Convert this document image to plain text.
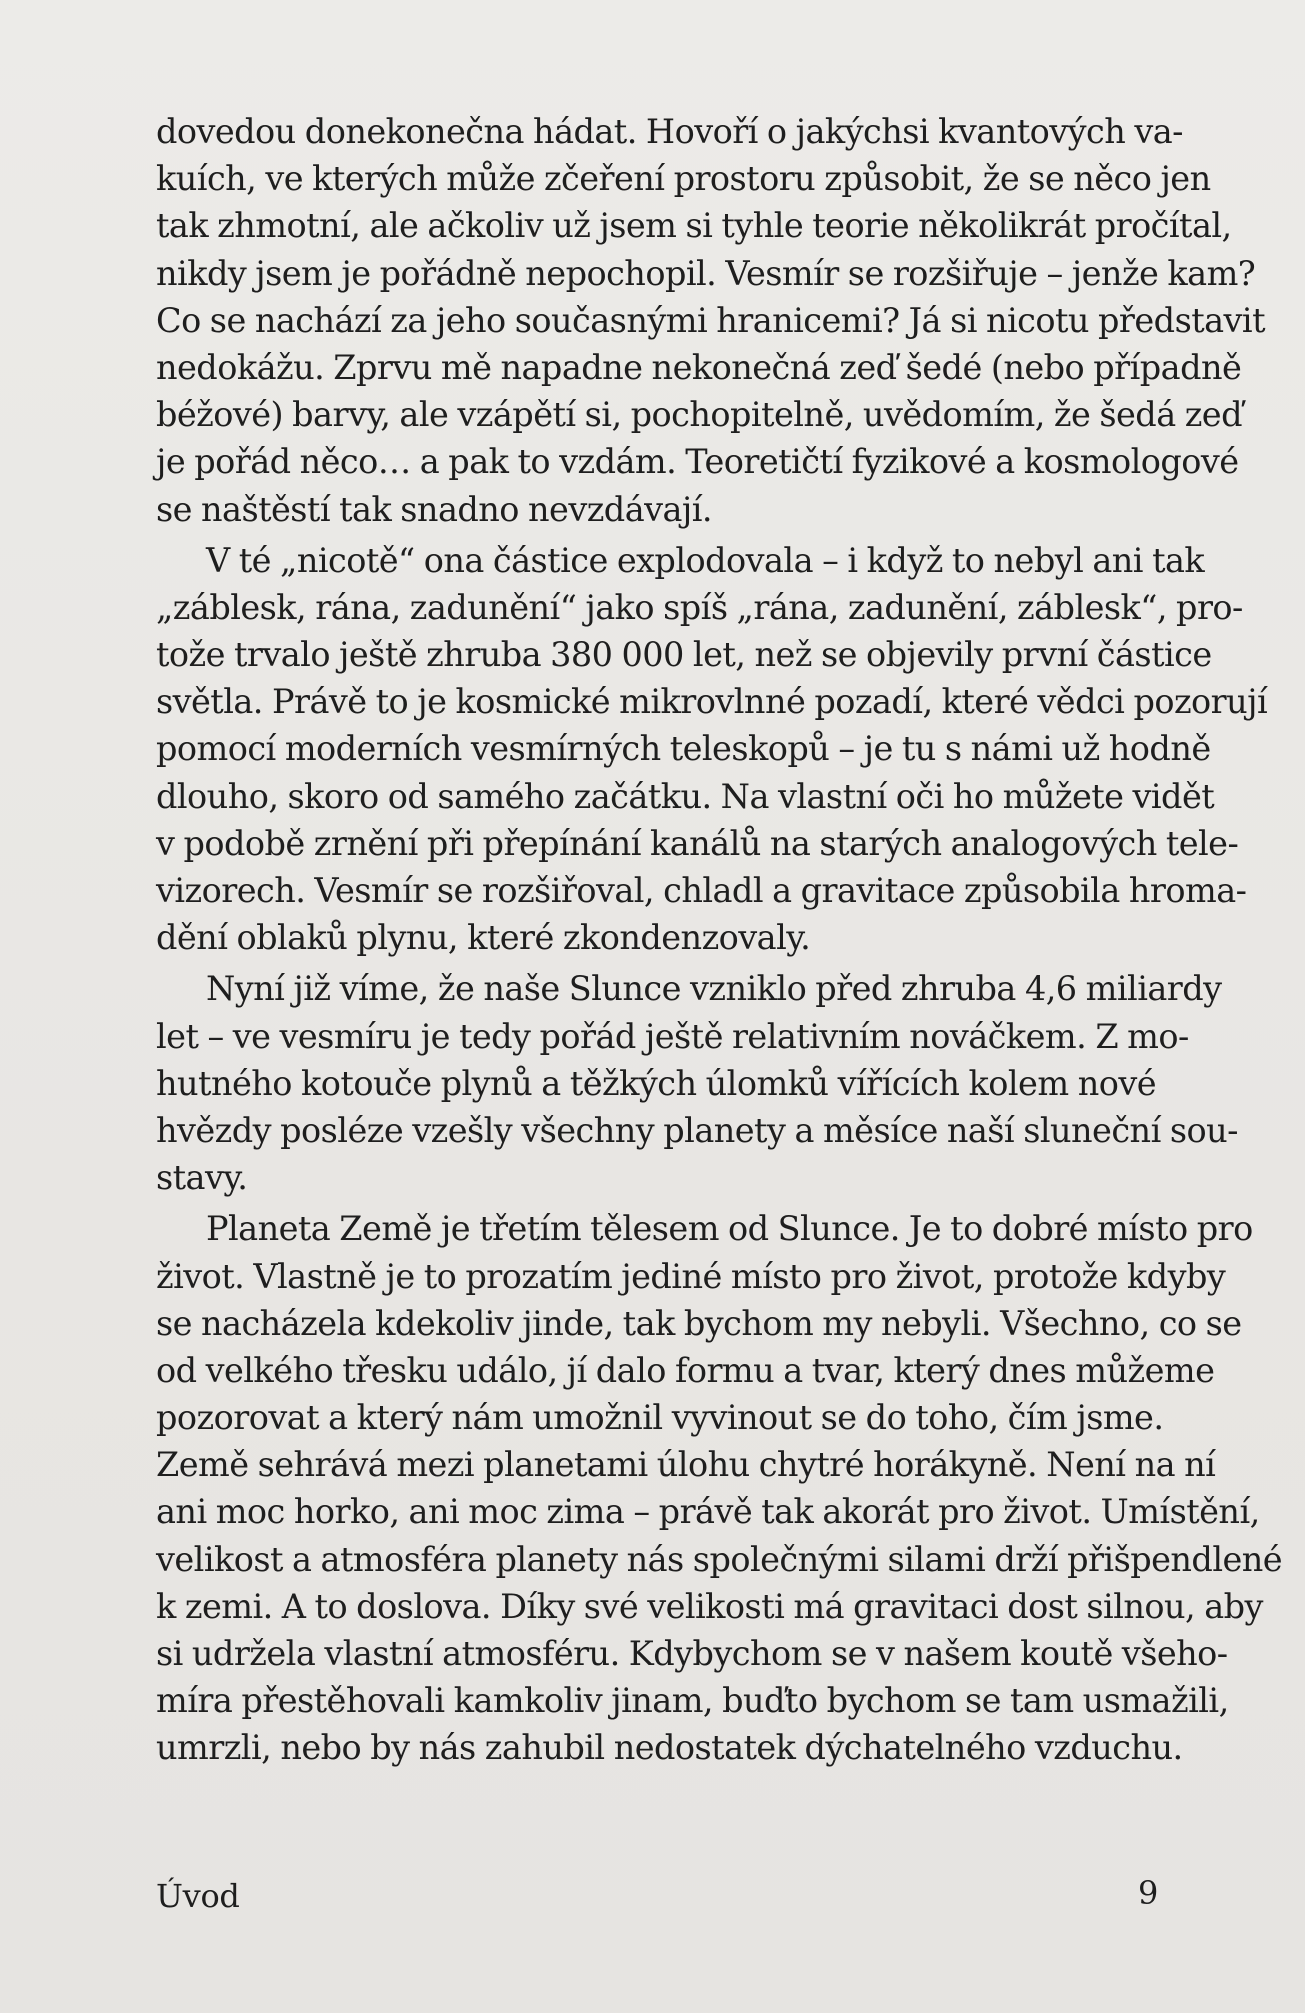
dovedou donekonečna hádat. Hovoří o jakýchsi kvantových va-
kuích, ve kterých může zčeření prostoru způsobit, že se něco jen
tak zhmotní, ale ačkoliv už jsem si tyhle teorie několikrát pročítal,
nikdy jsem je pořádně nepochopil. Vesmír se rozšiřuje – jenže kam?
Co se nachází za jeho současnými hranicemi? Já si nicotu představit
nedokážu. Zprvu mě napadne nekonečná zeď šedé (nebo případně
béžové) barvy, ale vzápětí si, pochopitelně, uvědomím, že šedá zeď
je pořád něco… a pak to vzdám. Teoretičtí fyzikové a kosmologové
se naštěstí tak snadno nevzdávají.
V té „nicotě“ ona částice explodovala – i když to nebyl ani tak
„záblesk, rána, zadunění“ jako spíš „rána, zadunění, záblesk“, pro-
tože trvalo ještě zhruba 380 000 let, než se objevily první částice
světla. Právě to je kosmické mikrovlnné pozadí, které vědci pozorují
pomocí moderních vesmírných teleskopů – je tu s námi už hodně
dlouho, skoro od samého začátku. Na vlastní oči ho můžete vidět
v podobě zrnění při přepínání kanálů na starých analogových tele-
vizorech. Vesmír se rozšiřoval, chladl a gravitace způsobila hroma-
dění oblaků plynu, které zkondenzovaly.
Nyní již víme, že naše Slunce vzniklo před zhruba 4,6 miliardy
let – ve vesmíru je tedy pořád ještě relativním nováčkem. Z mo-
hutného kotouče plynů a těžkých úlomků vířících kolem nové
hvězdy posléze vzešly všechny planety a měsíce naší sluneční sou-
stavy.
Planeta Země je třetím tělesem od Slunce. Je to dobré místo pro
život. Vlastně je to prozatím jediné místo pro život, protože kdyby
se nacházela kdekoliv jinde, tak bychom my nebyli. Všechno, co se
od velkého třesku událo, jí dalo formu a tvar, který dnes můžeme
pozorovat a který nám umožnil vyvinout se do toho, čím jsme.
Země sehrává mezi planetami úlohu chytré horákyně. Není na ní
ani moc horko, ani moc zima – právě tak akorát pro život. Umístění,
velikost a atmosféra planety nás společnými silami drží přišpendlené
k zemi. A to doslova. Díky své velikosti má gravitaci dost silnou, aby
si udržela vlastní atmosféru. Kdybychom se v našem koutě všeho-
míra přestěhovali kamkoliv jinam, buďto bychom se tam usmažili,
umrzli, nebo by nás zahubil nedostatek dýchatelného vzduchu.
Úvod	9
